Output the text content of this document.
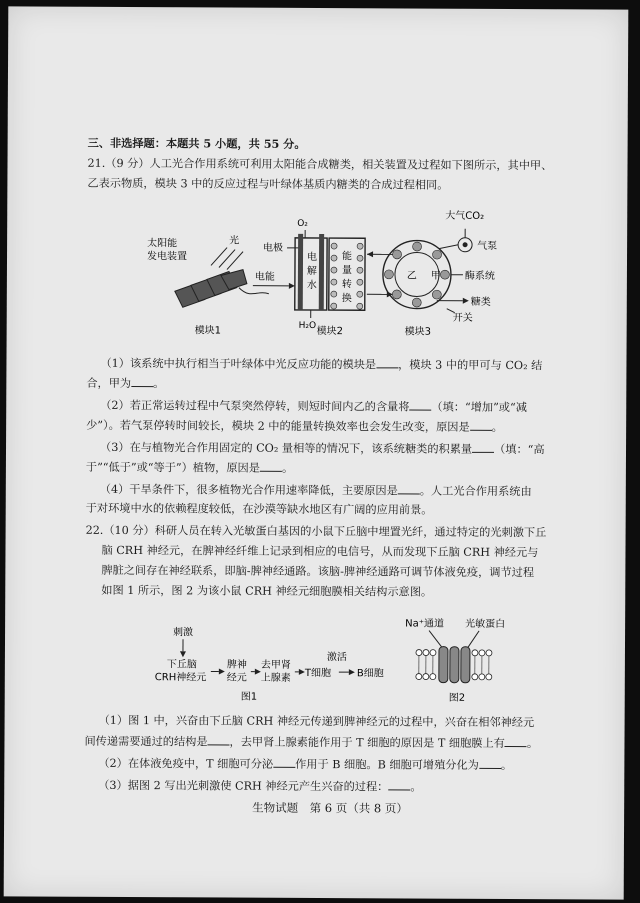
三、非选择题：本题共 5 小题，共 55 分。
21.（9 分）人工光合作用系统可利用太阳能合成糖类，相关装置及过程如下图所示，其中甲、
乙表示物质，模块 3 中的反应过程与叶绿体基质内糖类的合成过程相同。
太阳能
发电装置
光
电能
模块1
O₂
电极
电
解
水
H₂O
能
量
转
换
模块2
乙 甲
大气CO₂
气泵
酶系统
糖类
开关
模块3
（1）该系统中执行相当于叶绿体中光反应功能的模块是 ，模块 3 中的甲可与 CO₂ 结
合，甲为 。
（2）若正常运转过程中气泵突然停转，则短时间内乙的含量将 （填：“增加”或“减
少”）。若气泵停转时间较长，模块 2 中的能量转换效率也会发生改变，原因是 。
（3）在与植物光合作用固定的 CO₂ 量相等的情况下，该系统糖类的积累量 （填：“高
于”“低于”或“等于”）植物，原因是 。
（4）干旱条件下，很多植物光合作用速率降低，主要原因是 。人工光合作用系统由
于对环境中水的依赖程度较低，在沙漠等缺水地区有广阔的应用前景。
22.（10 分）科研人员在转入光敏蛋白基因的小鼠下丘脑中埋置光纤，通过特定的光刺激下丘
脑 CRH 神经元，在脾神经纤维上记录到相应的电信号，从而发现下丘脑 CRH 神经元与
脾脏之间存在神经联系，即脑-脾神经通路。该脑-脾神经通路可调节体液免疫，调节过程
如图 1 所示，图 2 为该小鼠 CRH 神经元细胞膜相关结构示意图。
刺激
下丘脑
CRH神经元
脾神
经元
去甲肾
上腺素 T细胞
激活
B细胞
图1
Na⁺通道 光敏蛋白
图2
（1）图 1 中，兴奋由下丘脑 CRH 神经元传递到脾神经元的过程中，兴奋在相邻神经元
间传递需要通过的结构是 ，去甲肾上腺素能作用于 T 细胞的原因是 T 细胞膜上有 。
（2）在体液免疫中，T 细胞可分泌 作用于 B 细胞。B 细胞可增殖分化为 。
（3）据图 2 写出光刺激使 CRH 神经元产生兴奋的过程： 。
生物试题　第 6 页（共 8 页）
